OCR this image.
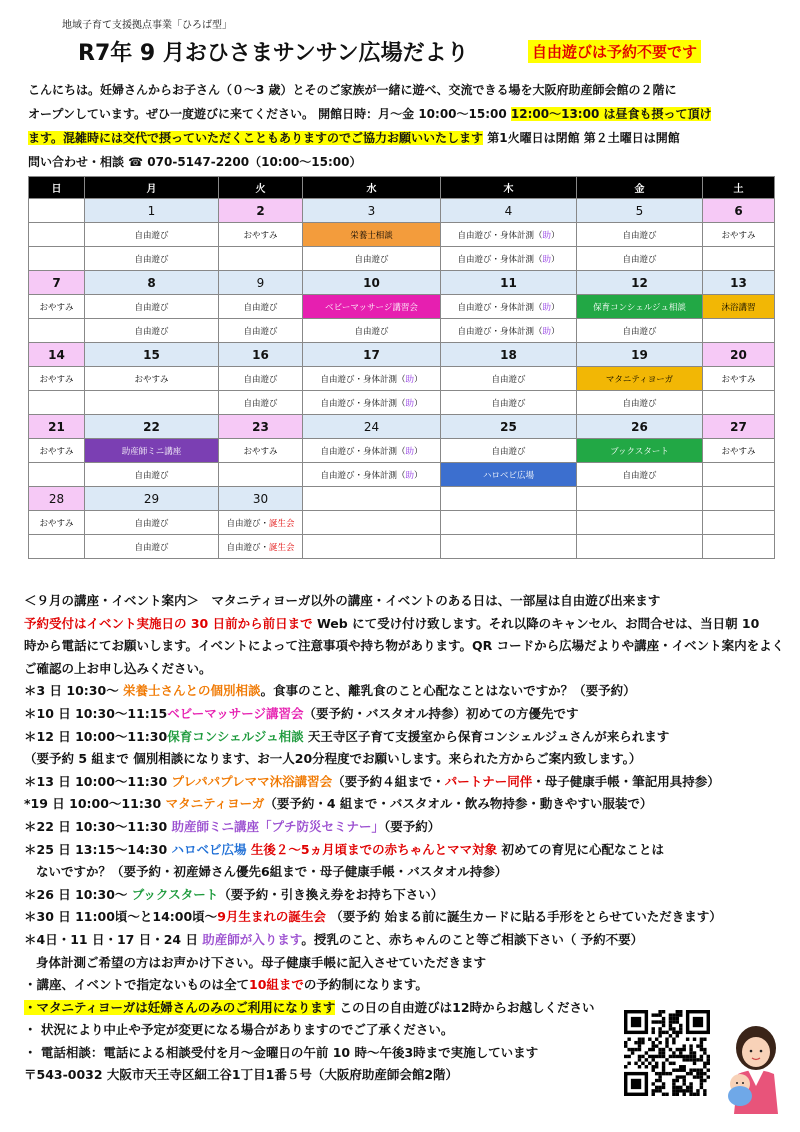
地域子育て支援拠点事業「ひろば型」
R7年 9 月おひさまサンサン広場だより	自由遊びは予約不要です
こんにちは。妊婦さんからお子さん（０～3 歳）とそのご家族が一緒に遊べ、交流できる場を大阪府助産師会館の２階に
オープンしています。ぜひ一度遊びに来てください。 開館日時：月～金 10:00～15:00 12:00～13:00 は昼食も摂って頂け
ます。混雑時には交代で摂っていただくこともありますのでご協力お願いいたします 第1火曜日は閉館 第２土曜日は開館
問い合わせ・相談 ☎ 070-5147-2200（10:00～15:00）
日	月	火	水	木	金	土
	1	2	3	4	5	6
	自由遊び	おやすみ	栄養士相談	自由遊び・身体計測（助）	自由遊び	おやすみ
	自由遊び		自由遊び	自由遊び・身体計測（助）	自由遊び	
7	8	9	10	11	12	13
おやすみ	自由遊び	自由遊び	ベビーマッサージ講習会	自由遊び・身体計測（助）	保育コンシェルジュ相談	沐浴講習
	自由遊び	自由遊び	自由遊び	自由遊び・身体計測（助）	自由遊び	
14	15	16	17	18	19	20
おやすみ	おやすみ	自由遊び	自由遊び・身体計測（助）	自由遊び	マタニティヨーガ	おやすみ
		自由遊び	自由遊び・身体計測（助）	自由遊び	自由遊び	
21	22	23	24	25	26	27
おやすみ	助産師ミニ講座	おやすみ	自由遊び・身体計測（助）	自由遊び	ブックスタート	おやすみ
	自由遊び		自由遊び・身体計測（助）	ハロベビ広場	自由遊び	
28	29	30				
おやすみ	自由遊び	自由遊び・誕生会				
	自由遊び	自由遊び・誕生会				

＜９月の講座・イベント案内＞　マタニティヨーガ以外の講座・イベントのある日は、一部屋は自由遊び出来ます

予約受付はイベント実施日の 30 日前から前日まで Web にて受け付け致します。それ以降のキャンセル、お問合せは、当日朝 10

時から電話にてお願いします。イベントによって注意事項や持ち物があります。QR コードから広場だよりや講座・イベント案内をよく

ご確認の上お申し込みください。

＊3 日 10:30～ 栄養士さんとの個別相談。食事のこと、離乳食のこと心配なことはないですか？（要予約）

＊10 日 10:30～11:15ベビーマッサージ講習会（要予約・バスタオル持参）初めての方優先です

＊12 日 10:00～11:30保育コンシェルジュ相談 天王寺区子育て支援室から保育コンシェルジュさんが来られます

（要予約 5 組まで 個別相談になります、お一人20分程度でお願いします。来られた方からご案内致します。）

＊13 日 10:00～11:30 プレパパプレママ沐浴講習会（要予約４組まで・パートナー同伴・母子健康手帳・筆記用具持参）

*19 日 10:00～11:30 マタニティヨーガ（要予約・4 組まで・バスタオル・飲み物持参・動きやすい服装で）

＊22 日 10:30～11:30 助産師ミニ講座「プチ防災セミナー」（要予約）

＊25 日 13:15～14:30 ハロベビ広場 生後２～5ヵ月頃までの赤ちゃんとママ対象 初めての育児に心配なことは

ないですか？（要予約・初産婦さん優先6組まで・母子健康手帳・バスタオル持参）

＊26 日 10:30～ ブックスタート（要予約・引き換え券をお持ち下さい）

＊30 日 11:00頃～と14:00頃～9月生まれの誕生会 （要予約 始まる前に誕生カードに貼る手形をとらせていただきます）

＊4日・11 日・17 日・24 日 助産師が入ります。授乳のこと、赤ちゃんのこと等ご相談下さい（ 予約不要）

身体計測ご希望の方はお声かけ下さい。母子健康手帳に記入させていただきます

・講座、イベントで指定ないものは全て10組までの予約制になります。

・マタニティヨーガは妊婦さんのみのご利用になります この日の自由遊びは12時からお越しください

・ 状況により中止や予定が変更になる場合がありますのでご了承ください。

・ 電話相談：電話による相談受付を月～金曜日の午前 10 時～午後3時まで実施しています

〒543-0032 大阪市天王寺区細工谷1丁目1番５号（大阪府助産師会館2階）
